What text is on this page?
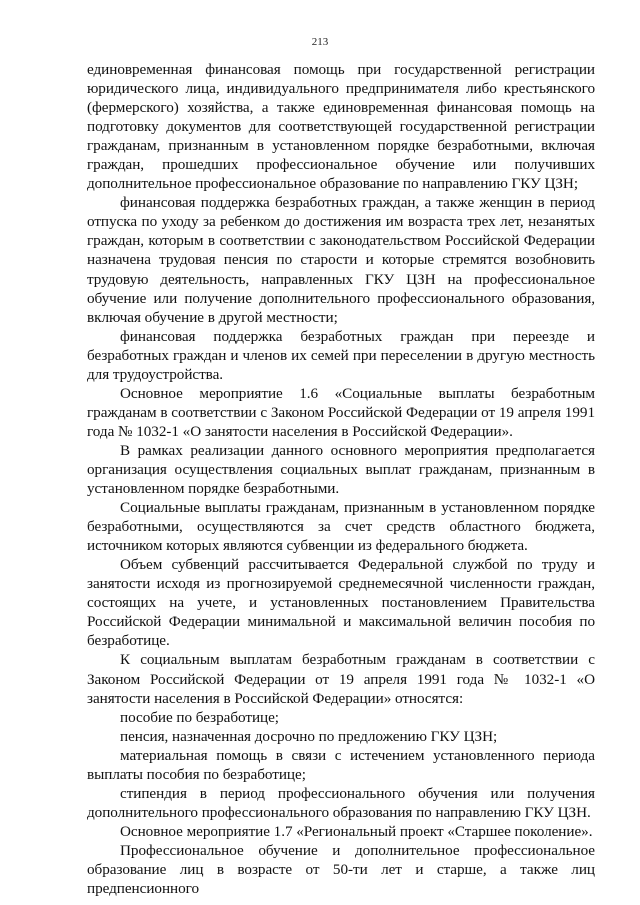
213

единовременная финансовая помощь при государственной регистрации юридического лица, индивидуального предпринимателя либо крестьянского (фермерского) хозяйства, а также единовременная финансовая помощь на подготовку документов для соответствующей государственной регистрации гражданам, признанным в установленном порядке безработными, включая граждан, прошедших профессиональное обучение или получивших дополнительное профессиональное образование по направлению ГКУ ЦЗН;

финансовая поддержка безработных граждан, а также женщин в период отпуска по уходу за ребенком до достижения им возраста трех лет, незанятых граждан, которым в соответствии с законодательством Российской Федерации назначена трудовая пенсия по старости и которые стремятся возобновить трудовую деятельность, направленных ГКУ ЦЗН на профессиональное обучение или получение дополнительного профессионального образования, включая обучение в другой местности;

финансовая поддержка безработных граждан при переезде и безработных граждан и членов их семей при переселении в другую местность для трудоустройства.

Основное мероприятие 1.6 «Социальные выплаты безработным гражданам в соответствии с Законом Российской Федерации от 19 апреля 1991 года № 1032-1 «О занятости населения в Российской Федерации».

В рамках реализации данного основного мероприятия предполагается организация осуществления социальных выплат гражданам, признанным в установленном порядке безработными.

Социальные выплаты гражданам, признанным в установленном порядке безработными, осуществляются за счет средств областного бюджета, источником которых являются субвенции из федерального бюджета.

Объем субвенций рассчитывается Федеральной службой по труду и занятости исходя из прогнозируемой среднемесячной численности граждан, состоящих на учете, и установленных постановлением Правительства Российской Федерации минимальной и максимальной величин пособия по безработице.

К социальным выплатам безработным гражданам в соответствии с Законом Российской Федерации от 19 апреля 1991 года № 1032-1 «О занятости населения в Российской Федерации» относятся:

пособие по безработице;

пенсия, назначенная досрочно по предложению ГКУ ЦЗН;

материальная помощь в связи с истечением установленного периода выплаты пособия по безработице;

стипендия в период профессионального обучения или получения дополнительного профессионального образования по направлению ГКУ ЦЗН.

Основное мероприятие 1.7 «Региональный проект «Старшее поколение».

Профессиональное обучение и дополнительное профессиональное образование лиц в возрасте от 50-ти лет и старше, а также лиц предпенсионного
